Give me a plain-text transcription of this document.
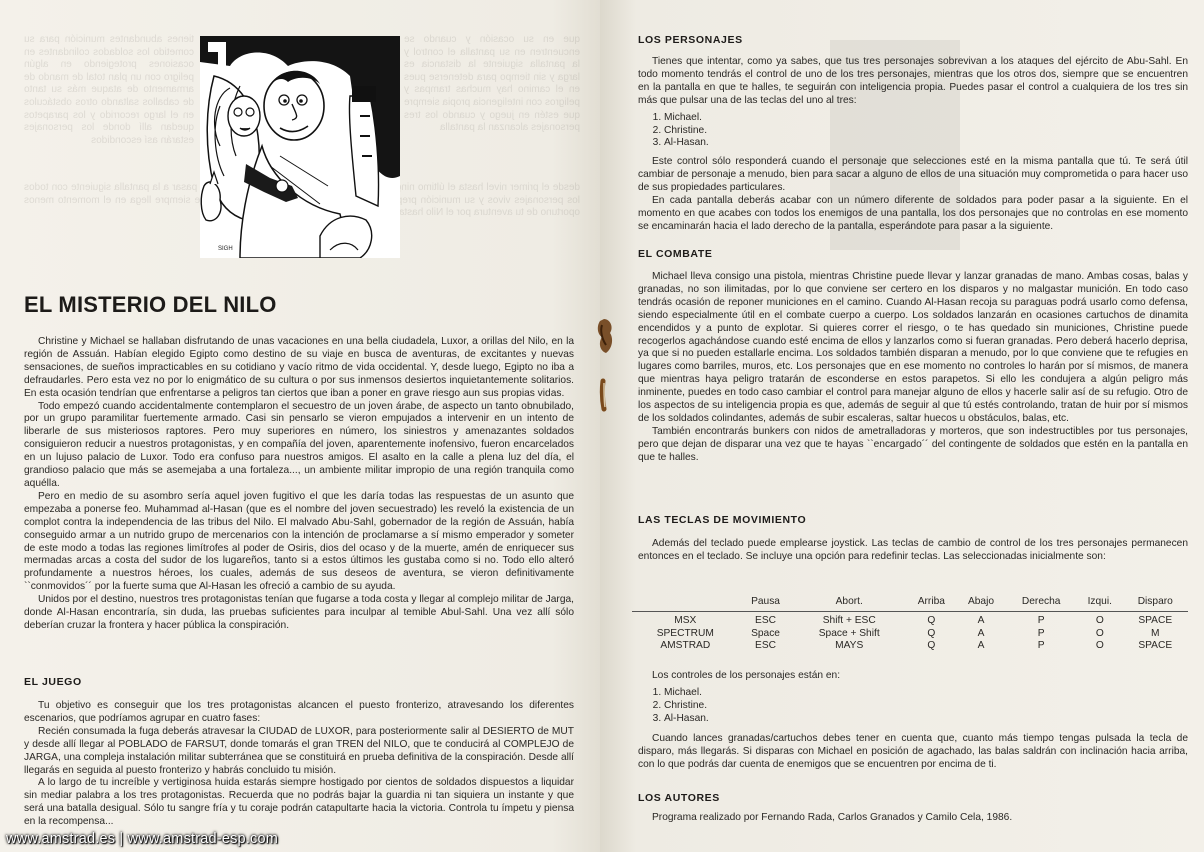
tienes abundantes munición para su cometido los soldados colindantes en ocasiones protegiendo en algún peligro con un plan total de mando de armamento de ataque más su tanto de caballos saltando otros obstáculos en el largo recorrido y los parapetos quedan allí donde los personajes estarán así escondidos
que en su ocasión y cuando se encuentren en su pantalla el control y la pantalla siguiente la distancia es larga y sin tiempo para detenerse pues en el camino hay muchas trampas y peligros con inteligencia propia siempre que estén en juego y cuando los tres personajes alcanzan la pantalla
desde el primer nivel hasta el último pasar a la pantalla siguiente con todos los personajes vivos y su munición siempre llega en el momento menos oportuno de tu aventura por el Nilo hasta
SIGH
EL MISTERIO DEL NILO

Christine y Michael se hallaban disfrutando de unas vacaciones en una bella ciudadela, Luxor, a orillas del Nilo, en la región de Assuán. Habían elegido Egipto como destino de su viaje en busca de aventuras, de excitantes y nuevas sensaciones, de sueños impracticables en su cotidiano y vacío ritmo de vida occidental. Y, desde luego, Egipto no iba a defraudarles. Pero esta vez no por lo enigmático de su cultura o por sus inmensos desiertos inquietantemente solitarios. En esta ocasión tendrían que enfrentarse a peligros tan ciertos que iban a poner en grave riesgo aun sus propias vidas.

Todo empezó cuando accidentalmente contemplaron el secuestro de un joven árabe, de aspecto un tanto obnubilado, por un grupo paramilitar fuertemente armado. Casi sin pensarlo se vieron empujados a intervenir en un intento de liberarle de sus misteriosos raptores. Pero muy superiores en número, los siniestros y amenazantes soldados consiguieron reducir a nuestros protagonistas, y en compañía del joven, aparentemente inofensivo, fueron encarcelados en un lujuso palacio de Luxor. Todo era confuso para nuestros amigos. El asalto en la calle a plena luz del día, el grandioso palacio que más se asemejaba a una fortaleza..., un ambiente militar impropio de una región tranquila como aquélla.

Pero en medio de su asombro sería aquel joven fugitivo el que les daría todas las respuestas de un asunto que empezaba a ponerse feo. Muhammad al-Hasan (que es el nombre del joven secuestrado) les reveló la existencia de un complot contra la independencia de las tribus del Nilo. El malvado Abu-Sahl, gobernador de la región de Assuán, había conseguido armar a un nutrido grupo de mercenarios con la intención de proclamarse a sí mismo emperador y someter de este modo a todas las regiones limítrofes al poder de Osiris, dios del ocaso y de la muerte, amén de enriquecer sus mermadas arcas a costa del sudor de los lugareños, tanto si a estos últimos les gustaba como si no. Todo ello alteró profundamente a nuestros héroes, los cuales, además de sus deseos de aventura, se vieron definitivamente ``conmovidos´´ por la fuerte suma que Al-Hasan les ofreció a cambio de su ayuda.

Unidos por el destino, nuestros tres protagonistas tenían que fugarse a toda costa y llegar al complejo militar de Jarga, donde Al-Hasan encontraría, sin duda, las pruebas suficientes para inculpar al temible Abul-Sahl. Una vez allí sólo deberían cruzar la frontera y hacer pública la conspiración.

EL JUEGO

Tu objetivo es conseguir que los tres protagonistas alcancen el puesto fronterizo, atravesando los diferentes escenarios, que podríamos agrupar en cuatro fases:

Recién consumada la fuga deberás atravesar la CIUDAD de LUXOR, para posteriormente salir al DESIERTO de MUT y desde allí llegar al POBLADO de FARSUT, donde tomarás el gran TREN del NILO, que te conducirá al COMPLEJO de JARGA, una compleja instalación militar subterránea que se constituirá en prueba definitiva de la conspiración. Desde allí llegarás en seguida al puesto fronterizo y habrás concluido tu misión.

A lo largo de tu increíble y vertiginosa huida estarás siempre hostigado por cientos de soldados dispuestos a liquidar sin mediar palabra a los tres protagonistas. Recuerda que no podrás bajar la guardia ni tan siquiera un instante y que será una batalla desigual. Sólo tu sangre fría y tu coraje podrán catapultarte hacia la victoria. Controla tu ímpetu y piensa en la recompensa...

LOS PERSONAJES

Tienes que intentar, como ya sabes, que tus tres personajes sobrevivan a los ataques del ejército de Abu-Sahl. En todo momento tendrás el control de uno de los tres personajes, mientras que los otros dos, siempre que se encuentren en la pantalla en que te halles, te seguirán con inteligencia propia. Puedes pasar el control a cualquiera de los tres sin más que pulsar una de las teclas del uno al tres:

1. Michael.
2. Christine.
3. Al-Hasan.

Este control sólo responderá cuando el personaje que selecciones esté en la misma pantalla que tú. Te será útil cambiar de personaje a menudo, bien para sacar a alguno de ellos de una situación muy comprometida o para hacer uso de sus propiedades particulares.

En cada pantalla deberás acabar con un número diferente de soldados para poder pasar a la siguiente. En el momento en que acabes con todos los enemigos de una pantalla, los dos personajes que no controlas en ese momento se encaminarán hacia el lado derecho de la pantalla, esperándote para pasar a la siguiente.

EL COMBATE

Michael lleva consigo una pistola, mientras Christine puede llevar y lanzar granadas de mano. Ambas cosas, balas y granadas, no son ilimitadas, por lo que conviene ser certero en los disparos y no malgastar munición. En todo caso tendrás ocasión de reponer municiones en el camino. Cuando Al-Hasan recoja su paraguas podrá usarlo como defensa, siendo especialmente útil en el combate cuerpo a cuerpo. Los soldados lanzarán en ocasiones cartuchos de dinamita encendidos y a punto de explotar. Si quieres correr el riesgo, o te has quedado sin municiones, Christine puede recogerlos agachándose cuando esté encima de ellos y lanzarlos como si fueran granadas. Pero deberá hacerlo deprisa, ya que si no pueden estallarle encima. Los soldados también disparan a menudo, por lo que conviene que te refugies en lugares como barriles, muros, etc. Los personajes que en ese momento no controles lo harán por sí mismos, de manera que mientras haya peligro tratarán de esconderse en estos parapetos. Si ello les condujera a algún peligro más inminente, puedes en todo caso cambiar el control para manejar alguno de ellos y hacerle salir así de su refugio. Otro de los aspectos de su inteligencia propia es que, además de seguir al que tú estés controlando, tratan de huir por sí mismos de los soldados colindantes, además de subir escaleras, saltar huecos u obstáculos, balas, etc.

También encontrarás bunkers con nidos de ametralladoras y morteros, que son indestructibles por tus personajes, pero que dejan de disparar una vez que te hayas ``encargado´´ del contingente de soldados que estén en la pantalla en que te halles.

LAS TECLAS DE MOVIMIENTO

Además del teclado puede emplearse joystick. Las teclas de cambio de control de los tres personajes permanecen entonces en el teclado. Se incluye una opción para redefinir teclas. Las seleccionadas inicialmente son:

	Pausa	Abort.	Arriba	Abajo	Derecha	Izqui.	Disparo
MSX	ESC	Shift + ESC	Q	A	P	O	SPACE
SPECTRUM	Space	Space + Shift	Q	A	P	O	M
AMSTRAD	ESC	MAYS	Q	A	P	O	SPACE

Los controles de los personajes están en:

1. Michael.
2. Christine.
3. Al-Hasan.

Cuando lances granadas/cartuchos debes tener en cuenta que, cuanto más tiempo tengas pulsada la tecla de disparo, más llegarás. Si disparas con Michael en posición de agachado, las balas saldrán con inclinación hacia arriba, con lo que podrás dar cuenta de enemigos que se encuentren por encima de ti.

LOS AUTORES

Programa realizado por Fernando Rada, Carlos Granados y Camilo Cela, 1986.

www.amstrad.es | www.amstrad-esp.com
